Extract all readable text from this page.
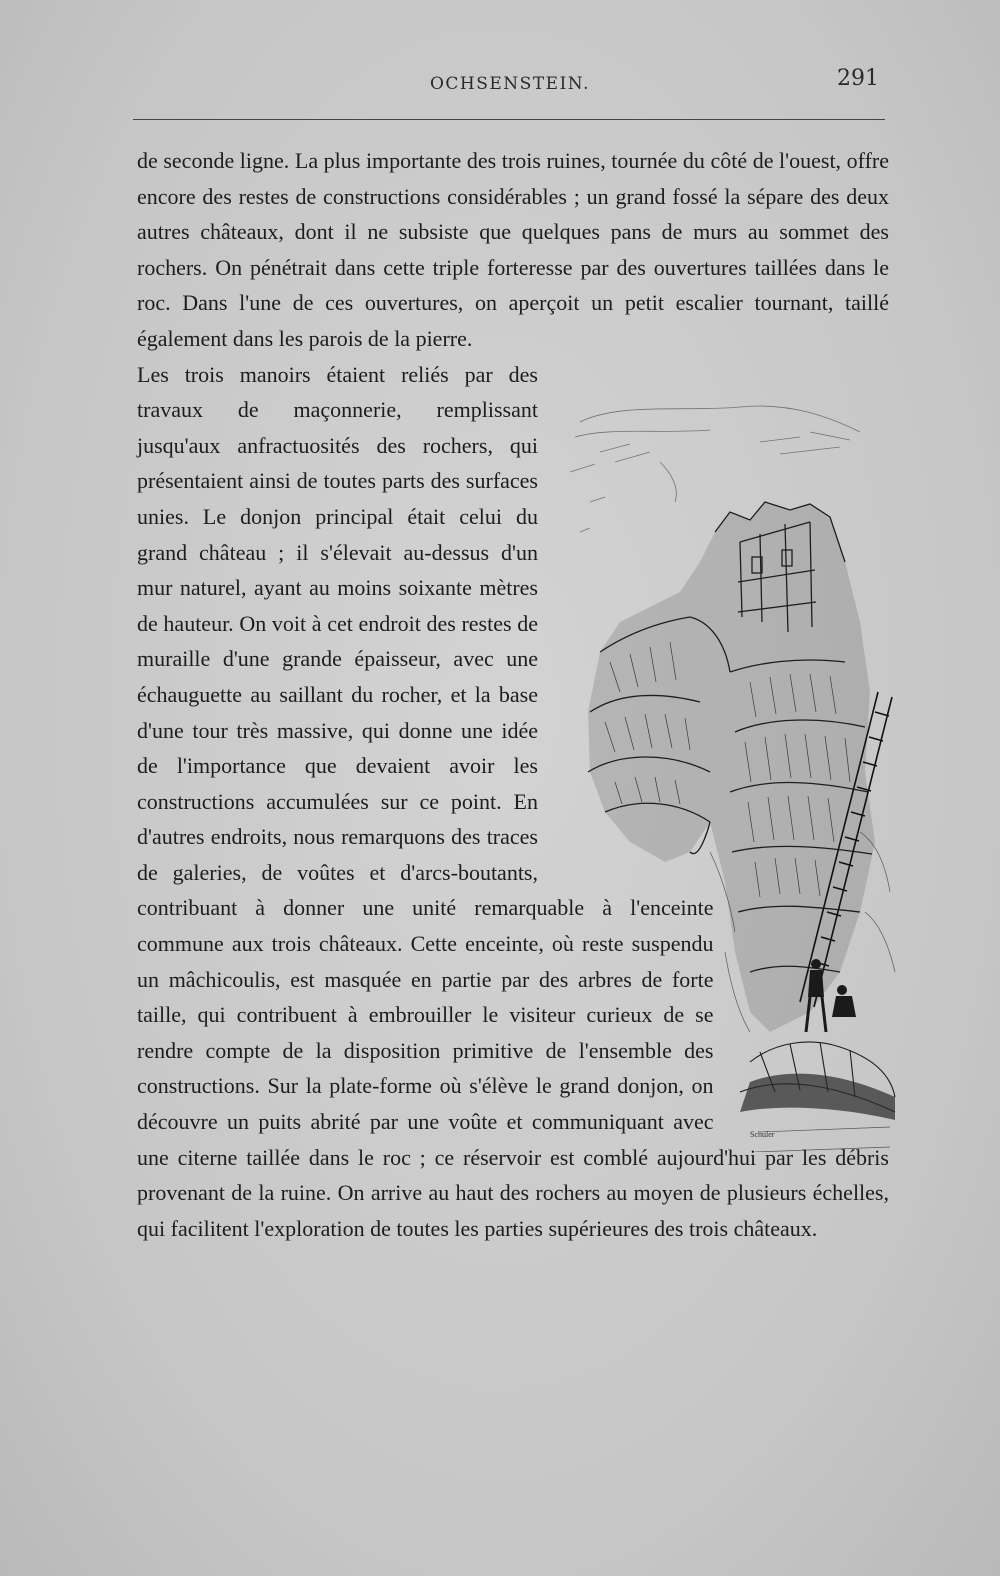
OCHSENSTEIN.	291

de seconde ligne. La plus importante des trois ruines, tournée du côté de l'ouest, offre encore des restes de constructions considérables ; un grand fossé la sépare des deux autres châteaux, dont il ne subsiste que quelques pans de murs au sommet des rochers. On pénétrait dans cette triple forteresse par des ouvertures taillées dans le roc. Dans l'une de ces ouvertures, on aperçoit un petit escalier tournant, taillé également dans les parois de la pierre.

Les trois manoirs étaient reliés par des travaux de maçonnerie, remplissant jusqu'aux anfractuosités des rochers, qui présentaient ainsi de toutes parts des surfaces unies. Le donjon principal était celui du grand château ; il s'élevait au-dessus d'un mur naturel, ayant au moins soixante mètres de hauteur. On voit à cet endroit des restes de muraille d'une grande épaisseur, avec une échauguette au saillant du rocher, et la base d'une tour très massive, qui donne une idée de l'importance que devaient avoir les constructions accumulées sur ce point. En d'autres endroits, nous remarquons des traces de galeries, de voûtes et d'arcs-boutants, contribuant à donner une unité remarquable à l'enceinte commune aux trois châteaux. Cette enceinte, où reste suspendu un mâchicoulis, est masquée en partie par des arbres de forte taille, qui contribuent à embrouiller le visiteur curieux de se rendre compte de la disposition primitive de l'ensemble des constructions. Sur la plate-forme où s'élève le grand donjon, on découvre un puits abrité par une voûte et communiquant avec une citerne taillée dans le roc ; ce réservoir est comblé aujourd'hui par les débris provenant de la ruine. On arrive au haut des rochers au moyen de plusieurs échelles, qui facilitent l'exploration de toutes les parties supérieures des trois châteaux.

Schuler
